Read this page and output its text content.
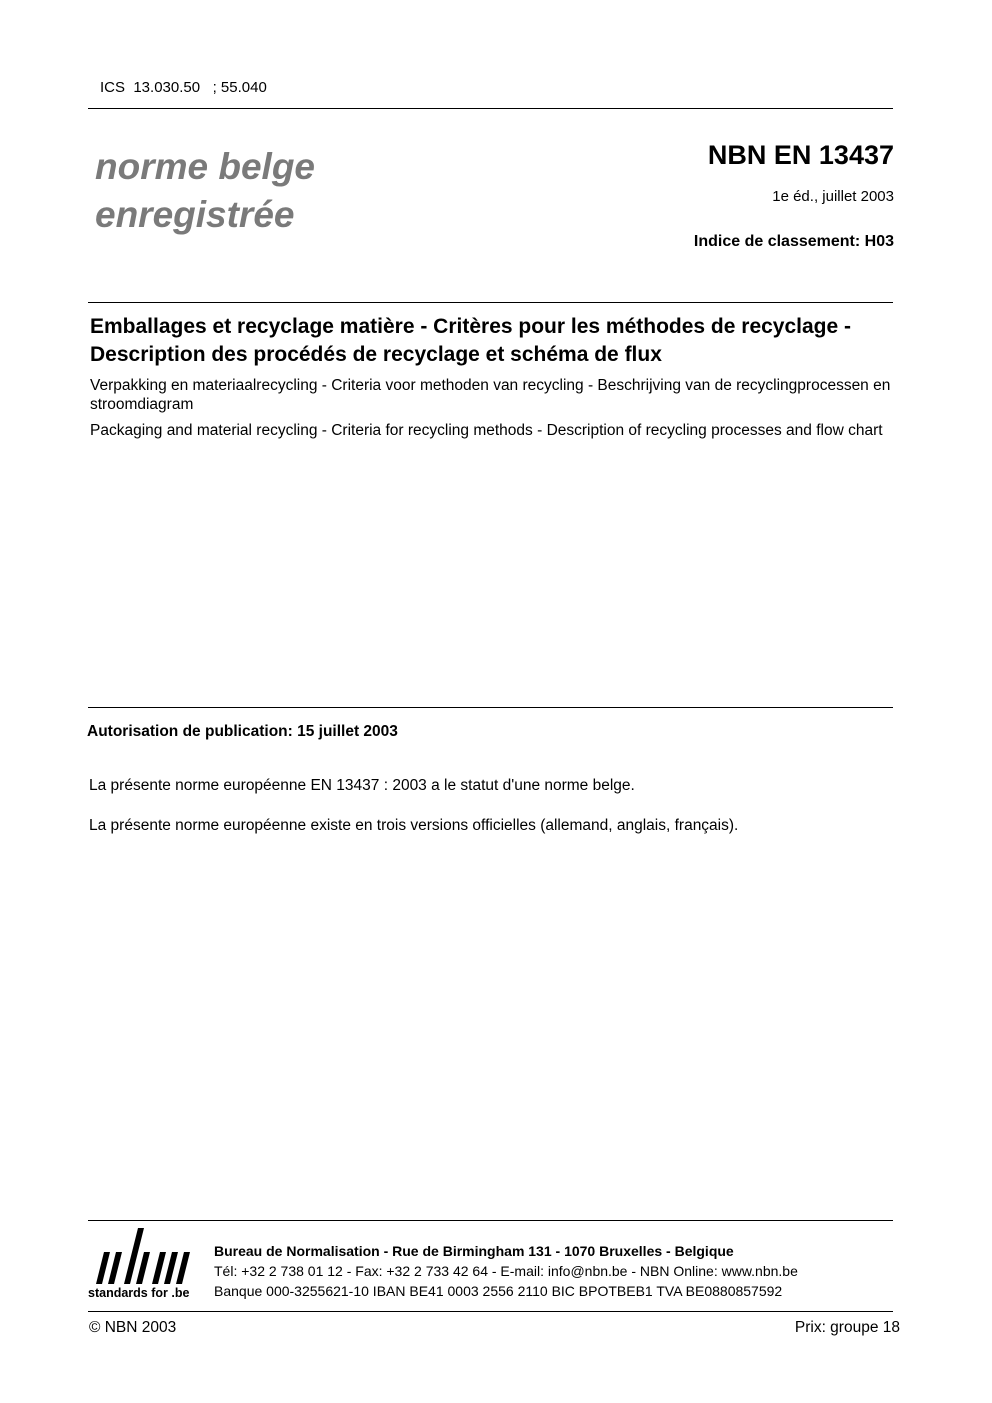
ICS  13.030.50   ; 55.040
norme belge
enregistrée
NBN EN 13437
1e éd., juillet 2003
Indice de classement: H03
Emballages et recyclage matière - Critères pour les méthodes de recyclage - Description des procédés de recyclage et schéma de flux
Verpakking en materiaalrecycling - Criteria voor methoden van recycling - Beschrijving van de recyclingprocessen en stroomdiagram
Packaging and material recycling - Criteria for recycling methods - Description of recycling processes and flow chart
Autorisation de publication: 15 juillet 2003
La présente norme européenne EN 13437 : 2003 a le statut d'une norme belge.
La présente norme européenne existe en trois versions officielles (allemand, anglais, français).
standards for .be
Bureau de Normalisation - Rue de Birmingham 131 - 1070 Bruxelles - Belgique
Tél: +32 2 738 01 12 - Fax: +32 2 733 42 64 - E-mail: info@nbn.be - NBN Online: www.nbn.be
Banque 000-3255621-10 IBAN BE41 0003 2556 2110 BIC BPOTBEB1 TVA BE0880857592
© NBN 2003	Prix: groupe 18
